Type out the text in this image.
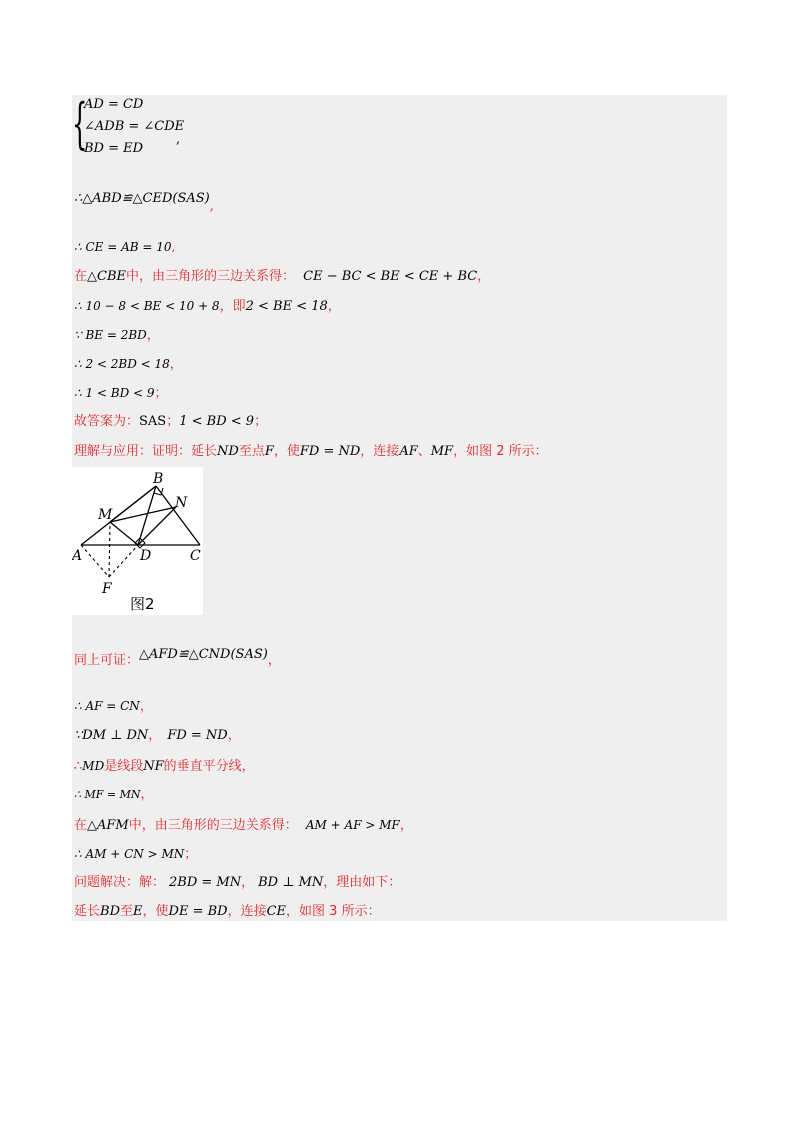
{
AD = CD
∠ADB = ∠CDE
BD = ED
,
∴△ABD≌△CED(SAS),
∴ CE = AB = 10,
在△CBE中，由三角形的三边关系得： CE − BC < BE < CE + BC，
∴ 10 − 8 < BE < 10 + 8，即2 < BE < 18，
∵ BE = 2BD，
∴ 2 < 2BD < 18，
∴ 1 < BD < 9；
故答案为：SAS；1 < BD < 9；
理解与应用：证明：延长ND至点F，使FD = ND，连接AF、MF，如图 2 所示：
B
N
M
A	D	C
F
图2
同上可证：△AFD≌△CND(SAS)，
∴ AF = CN，
∵DM ⊥ DN， FD = ND，
∴MD是线段NF的垂直平分线，
∴ MF = MN，
在△AFM中，由三角形的三边关系得： AM + AF > MF，
∴ AM + CN > MN；
问题解决：解： 2BD = MN， BD ⊥ MN，理由如下：
延长BD至E，使DE = BD，连接CE，如图 3 所示：
